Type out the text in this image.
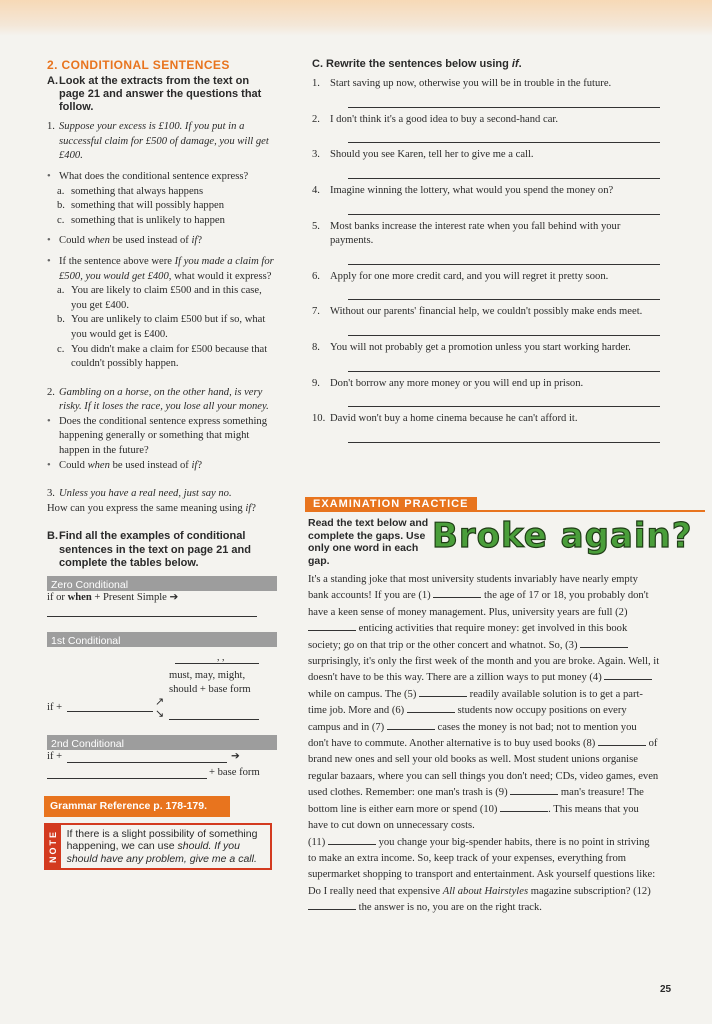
2. CONDITIONAL SENTENCES
A. Look at the extracts from the text on page 21 and answer the questions that follow.
1. Suppose your excess is £100. If you put in a successful claim for £500 of damage, you will get £400.
• What does the conditional sentence express?
a. something that always happens
b. something that will possibly happen
c. something that is unlikely to happen
• Could when be used instead of if?
• If the sentence above were If you made a claim for £500, you would get £400, what would it express?
a. You are likely to claim £500 and in this case, you get £400.
b. You are unlikely to claim £500 but if so, what you would get is £400.
c. You didn't make a claim for £500 because that couldn't possibly happen.
2. Gambling on a horse, on the other hand, is very risky. If it loses the race, you lose all your money.
• Does the conditional sentence express something happening generally or something that might happen in the future?
• Could when be used instead of if?
3. Unless you have a real need, just say no.
How can you express the same meaning using if?
B. Find all the examples of conditional sentences in the text on page 21 and complete the tables below.
Zero Conditional
if or when + Present Simple ➔
1st Conditional
, ,
must, may, might,
should + base form
if +	↗
↘
2nd Conditional
if +	➔
+ base form
Grammar Reference p. 178-179.
NOTE If there is a slight possibility of something happening, we can use should. If you should have any problem, give me a call.
C. Rewrite the sentences below using if.
1. Start saving up now, otherwise you will be in trouble in the future.
2. I don't think it's a good idea to buy a second-hand car.
3. Should you see Karen, tell her to give me a call.
4. Imagine winning the lottery, what would you spend the money on?
5. Most banks increase the interest rate when you fall behind with your payments.
6. Apply for one more credit card, and you will regret it pretty soon.
7. Without our parents' financial help, we couldn't possibly make ends meet.
8. You will not probably get a promotion unless you start working harder.
9. Don't borrow any more money or you will end up in prison.
10. David won't buy a home cinema because he can't afford it.
EXAMINATION PRACTICE
Read the text below and complete the gaps. Use only one word in each gap.
Broke again?
It's a standing joke that most university students invariably have nearly empty bank accounts! If you are (1)	the age of 17 or 18, you probably don't have a keen sense of money management. Plus, university years are full (2)  enticing activities that require money: get involved in this book society; go on that trip or the other concert and whatnot. So, (3)  surprisingly, it's only the first week of the month and you are broke. Again. Well, it doesn't have to be this way. There are a zillion ways to put money (4)  while on campus. The (5)	readily available solution is to get a part-time job. More and (6)	students now occupy positions on every campus and in (7)	cases the money is not bad; not to mention you don't have to commute. Another alternative is to buy used books (8)	of brand new ones and sell your old books as well. Most student unions organise regular bazaars, where you can sell things you don't need; CDs, video games, even used clothes. Remember: one man's trash is (9)	man's treasure! The bottom line is either earn more or spend (10)	. This means that you have to cut down on unnecessary costs.
(11)	you change your big-spender habits, there is no point in striving to make an extra income. So, keep track of your expenses, everything from supermarket shopping to transport and entertainment. Ask yourself questions like: Do I really need that expensive All about Hairstyles magazine subscription? (12)  the answer is no, you are on the right track.
25
